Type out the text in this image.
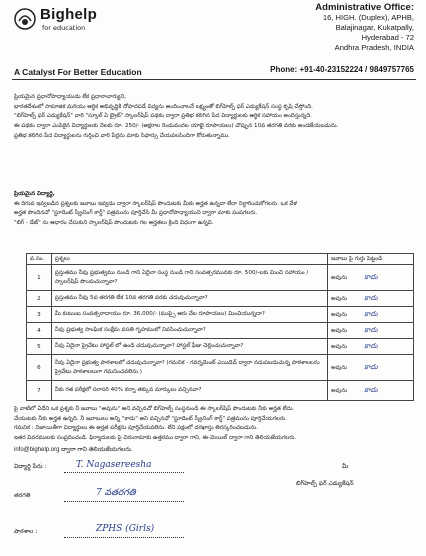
Bighelp
for education
A Catalyst For Better Education
Administrative Office:
16, HIGH. (Duplex), APHB,
Balajinagar, Kukatpally,
Hyderabad - 72
Andhra Pradesh, INDIA
Phone: +91-40-23152224 / 9849757765

ప్రియమైన ప్రధానోపాధ్యాయుడు లేక ప్రధానాచార్యుని,

భారతదేశంలో సామాజిక మరియు ఆర్థిక అభివృద్ధికి దోహదపడే విద్యను అందించాలనే లక్ష్యంతో బిగ్‌హెల్ప్ ఫర్ ఎడ్యుకేషన్ సంస్థ కృషి చేస్తోంది.

"బిగ్‌హెల్ప్ ఫర్ ఎడ్యుకేషన్" వారి "స్కూల్ ఏ బ్రైట్" స్కాలర్‌షిప్ పథకం ద్వారా ప్రతిభ కలిగిన పేద విద్యార్థులకు ఆర్థిక సహాయం అందిస్తున్నది.

ఈ పథకం ద్వారా ఎంపికైన విద్యార్థులకు నెలకు రూ. 250/- (అక్షరాల రెండువందల యాభై రూపాయలు) చొప్పున 10వ తరగతి వరకు అందజేయబడును.

ప్రతిభ కలిగిన పేద విద్యార్థులను గుర్తించి వారి పేర్లను మాకు సిఫార్సు చేయవలసిందిగా కోరుతున్నాము.

ప్రియమైన విద్యార్థి,

ఈ దిగువ ఇవ్వబడిన ప్రశ్నలకు జవాబు ఇవ్వడం ద్వారా స్కాలర్‌షిప్ పొందుటకు మీకు అర్హత ఉన్నదా లేదా నిర్ధారించుకోగలరు. ఒక వేళ

అర్హత పొందినచో "స్టూడెంట్ స్క్రీనింగ్ కార్డ్" పత్రమును పూర్తిచేసి మీ ప్రధానోపాధ్యాయుని ద్వారా మాకు పంపగలరు.

"బిగ్ - డేట్" ను ఆధారం చేసుకుని స్కాలర్‌షిప్ పొందుటకు గల అర్హతలు క్రింది విధంగా ఉన్నవి.

వ.సం.	ప్రశ్నలు	జవాబు పై గుర్తు పెట్టండి
1	ప్రస్తుతము నీవు ప్రభుత్వము నుండి గాని ఏదైనా సంస్థ నుండి గాని సంవత్సరమునకు రూ. 500/-లకు మించి సహాయం / స్కాలర్‌షిప్ పొందుచున్నావా?	అవును కాదు
2	ప్రస్తుతము నీవు 5వ తరగతి లేక 10వ తరగతి వరకు చదువుచున్నావా?	అవును కాదు
3	మీ కుటుంబ సంవత్సరాదాయం రూ. 36,000/- (ముప్పై ఆరు వేల రూపాయలు) మించియున్నదా?	అవును కాదు
4	నీవు ప్రభుత్వ సాంఘిక సంక్షేమ వసతి గృహములో నివసించుచున్నావా?	అవును కాదు
5	నీవు ఏదైనా ప్రైవేటు హాస్టల్ లో ఉండి చదువుచున్నావా? హాస్టల్ ఫీజు చెల్లించుచున్నావా?	అవును కాదు
6	నీవు ఏదైనా ప్రభుత్వ పాఠశాలలో చదువుచున్నావా? (గమనిక - గవర్నమెంట్ ఎయిడెడ్ ద్వారా నడుపబడుచున్న పాఠశాలలను ప్రైవేటు పాఠశాలలుగా గమనించవలెను.)	అవును కాదు
7	నీకు గత పరీక్షలో సరాసరి 40% కన్నా తక్కువ మార్కులు వచ్చినవా?	అవును కాదు

పై వాటిలో ఏదేని ఒక ప్రశ్నకు నీ జవాబు "అవును" అని వచ్చినచో బిగ్‌హెల్ప్ సంస్థనుండి ఈ స్కాలర్‌షిప్ పొందుటకు నీకు అర్హత లేదు.

చేయుటకు నీకు అర్హత ఉన్నది. నీ జవాబులు అన్ని "కాదు" అని వచ్చినచో "స్టూడెంట్ స్క్రీనింగ్ కార్డ్" పత్రమును పూర్తిచేయగలరు.

గమనిక : నిజాయితీగా విద్యార్థులు ఈ అర్హత పరీక్షను పూర్తిచేయవలెను. లేని పక్షంలో దరఖాస్తు తిరస్కరించబడును.

ఇతర వివరములకు సంప్రదించండి. ఫిర్యాదులకు పై చిరునామాకు ఉత్తరము ద్వారా గాని, ఈ-మెయిల్ ద్వారా గాని తెలియజేయగలరు.

info@bighelp.org ద్వారా గాని తెలియజేయగలరు.
విద్యార్థి పేరు :	T. Nagasereesha
తరగతి	7 వతరగతి
పాఠశాల :	ZPHS (Girls)
మీ
బిగ్‌హెల్ప్ ఫర్ ఎడ్యుకేషన్
